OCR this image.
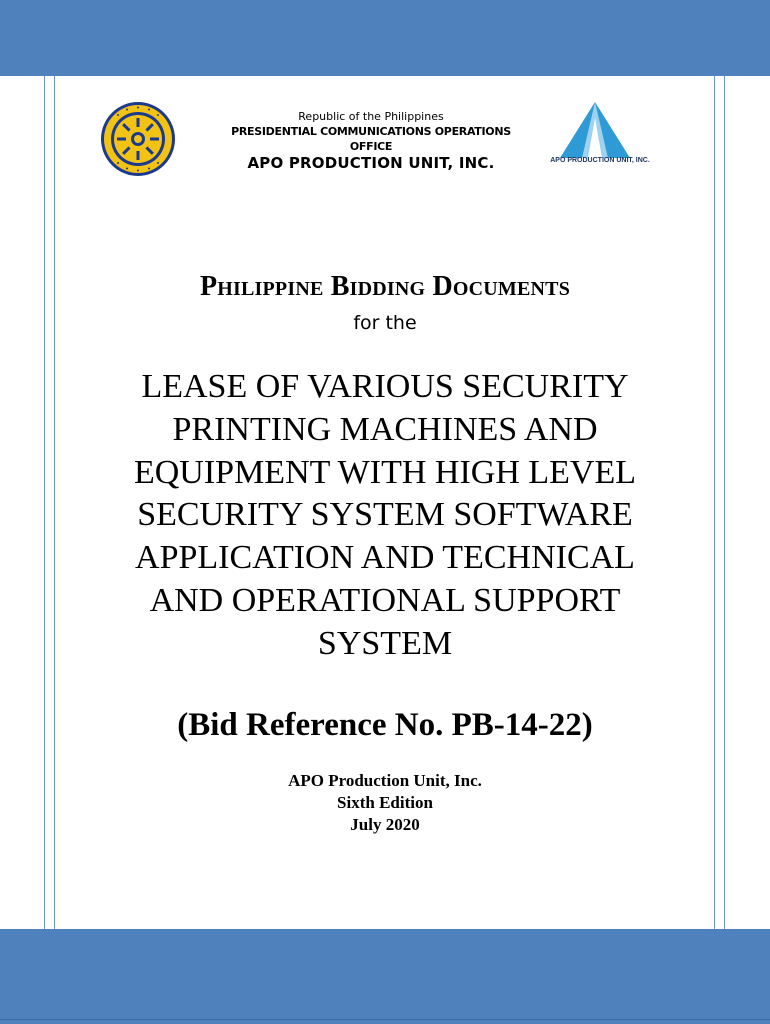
Republic of the Philippines
PRESIDENTIAL COMMUNICATIONS OPERATIONS OFFICE
APO PRODUCTION UNIT, INC.	APO PRODUCTION UNIT, INC.
Philippine Bidding Documents
for the
LEASE OF VARIOUS SECURITY
PRINTING MACHINES AND
EQUIPMENT WITH HIGH LEVEL
SECURITY SYSTEM SOFTWARE
APPLICATION AND TECHNICAL
AND OPERATIONAL SUPPORT
SYSTEM
(Bid Reference No. PB-14-22)
APO Production Unit, Inc.
Sixth Edition
July 2020
